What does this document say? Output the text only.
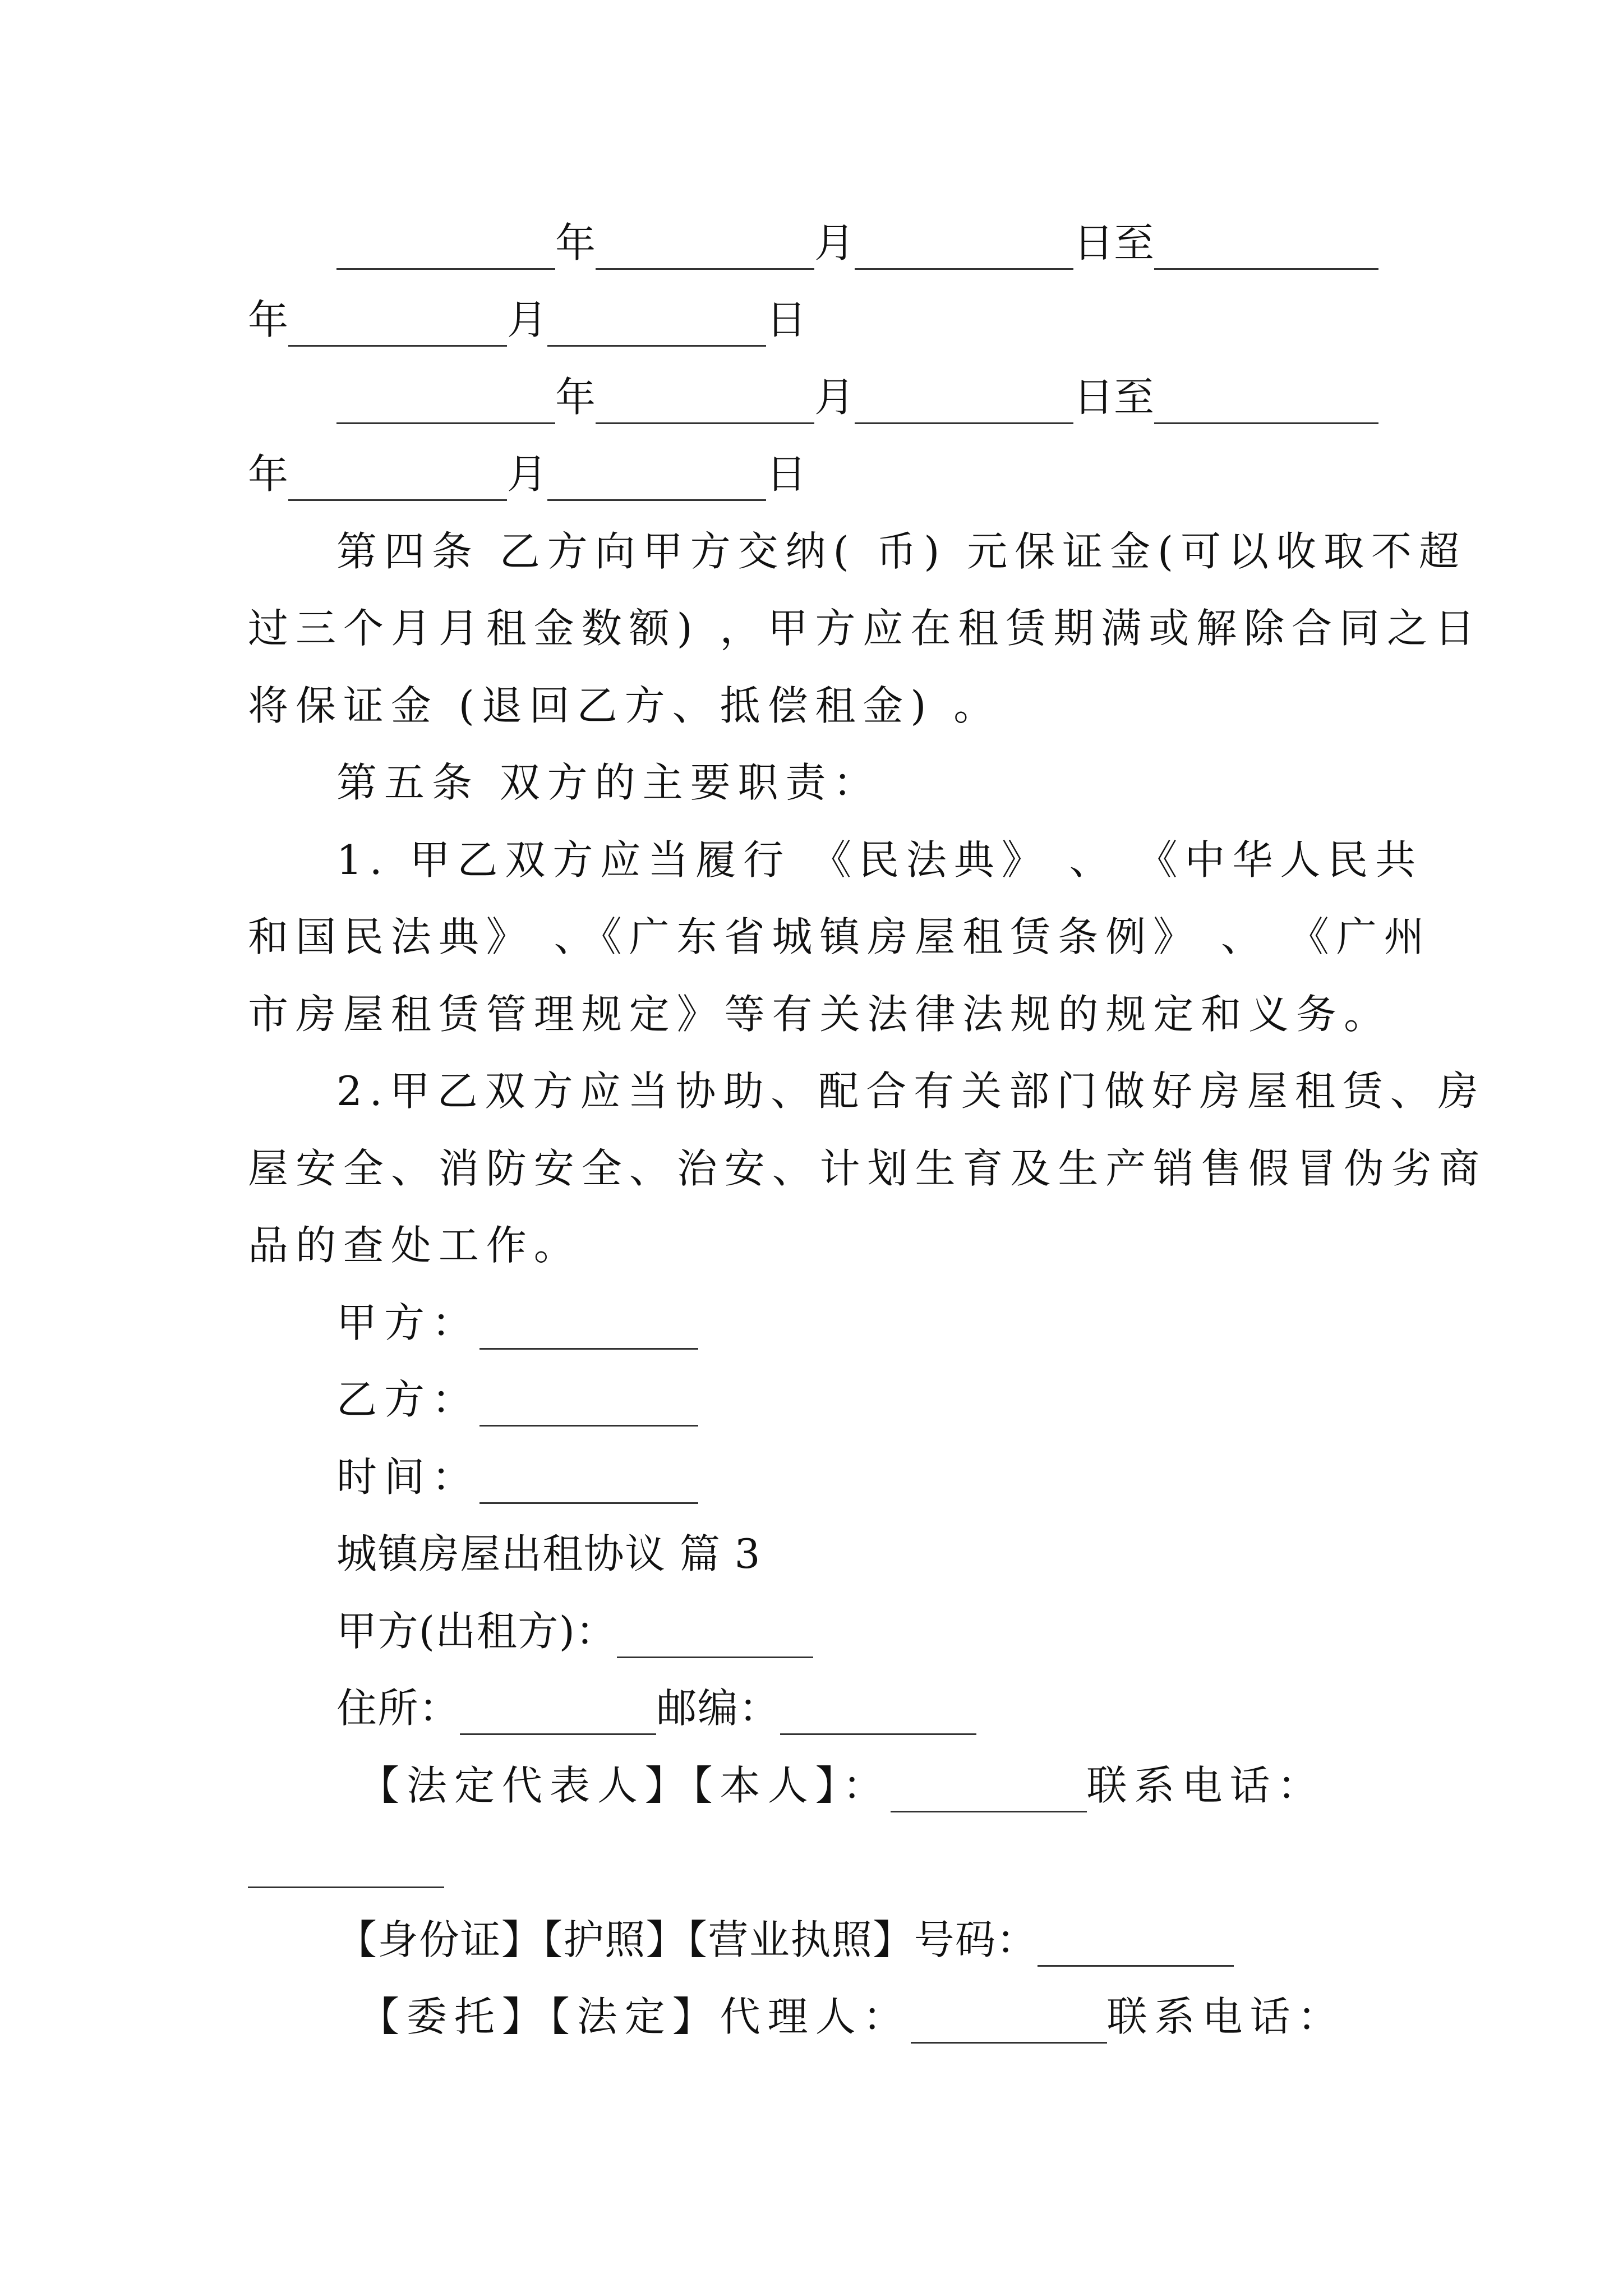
年	月	日至
年	月	日
年	月	日至
年	月	日
第四条 乙方向甲方交纳( 币) 元保证金(可以收取不超
过三个月月租金数额) ，甲方应在租赁期满或解除合同之日
将保证金 (退回乙方、抵偿租金) 。
第五条 双方的主要职责：
1. 甲乙双方应当履行 《民法典》 、 《中华人民共
和国民法典》 、《广东省城镇房屋租赁条例》 、 《广州
市房屋租赁管理规定》等有关法律法规的规定和义务。
2.甲乙双方应当协助、配合有关部门做好房屋租赁、房
屋安全、消防安全、治安、计划生育及生产销售假冒伪劣商
品的查处工作。
甲方：
乙方：
时间：
城镇房屋出租协议 篇 3
甲方(出租方)：
住所：	邮编：
【法定代表人】【本人】：	联系电话：
【身份证】【护照】【营业执照】号码：
【委托】【法定】代理人：	联系电话：
